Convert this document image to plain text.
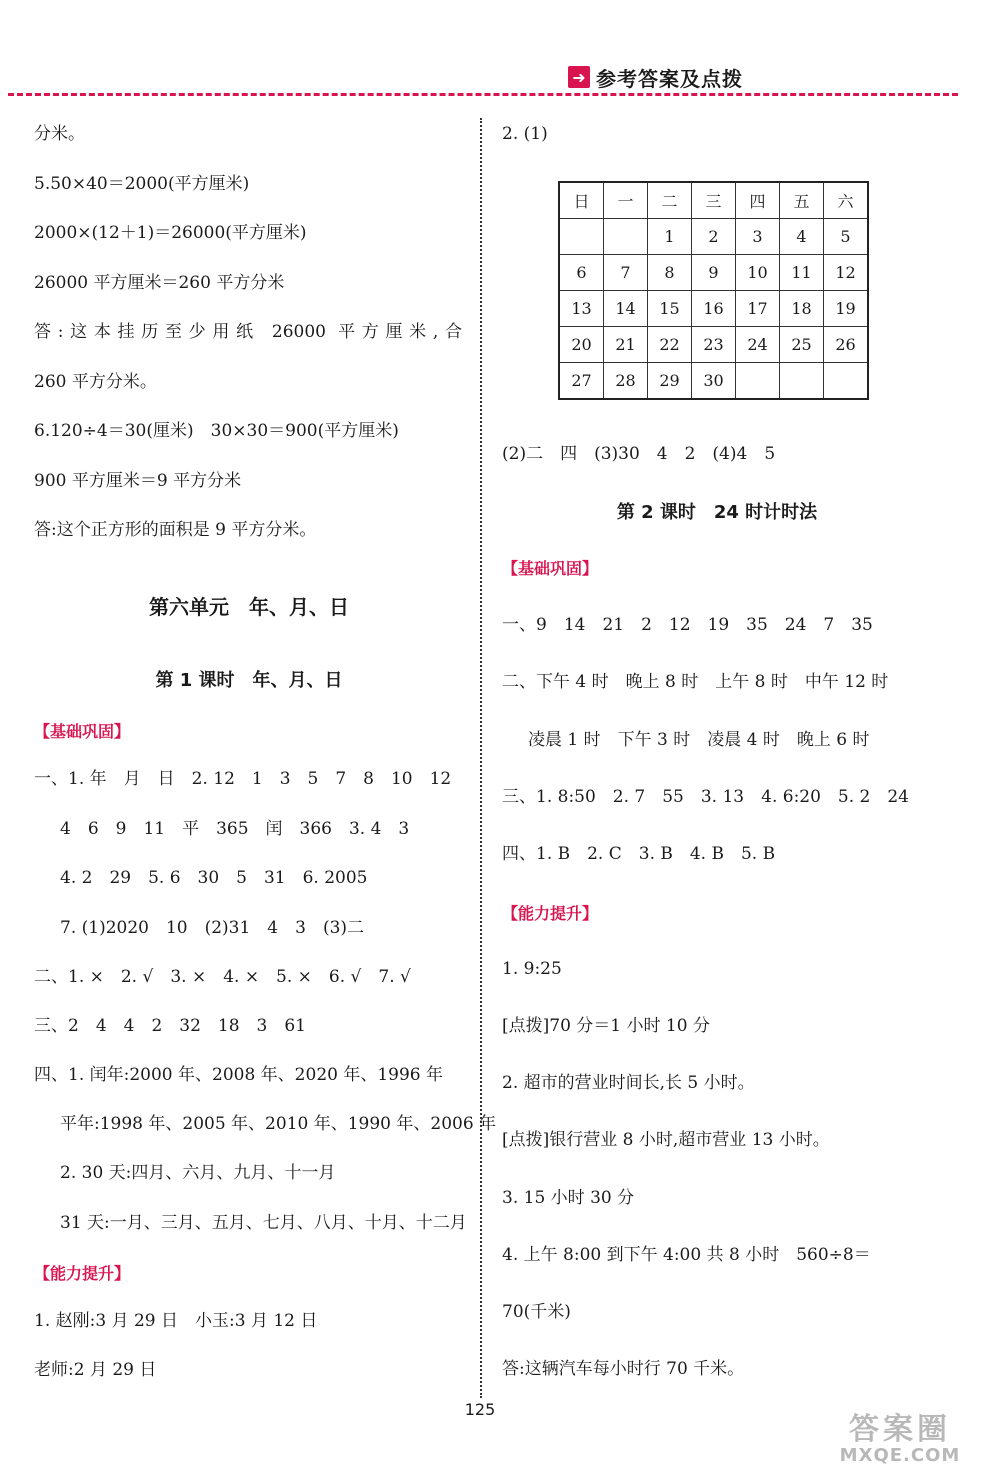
➜ 参考答案及点拨
分米。
5.50×40＝2000(平方厘米)
2000×(12＋1)＝26000(平方厘米)
26000 平方厘米＝260 平方分米
答:这本挂历至少用纸 26000 平方厘米,合
260 平方分米。
6.120÷4＝30(厘米)　30×30＝900(平方厘米)
900 平方厘米＝9 平方分米
答:这个正方形的面积是 9 平方分米。
第六单元　年、月、日
第 1 课时　年、月、日
【基础巩固】
一、1. 年　月　日　2. 12　1　3　5　7　8　10　12
4　6　9　11　平　365　闰　366　3. 4　3
4. 2　29　5. 6　30　5　31　6. 2005
7. (1)2020　10　(2)31　4　3　(3)二
二、1. ×　2. √　3. ×　4. ×　5. ×　6. √　7. √
三、2　4　4　2　32　18　3　61
四、1. 闰年:2000 年、2008 年、2020 年、1996 年
平年:1998 年、2005 年、2010 年、1990 年、2006 年
2. 30 天:四月、六月、九月、十一月
31 天:一月、三月、五月、七月、八月、十月、十二月
【能力提升】
1. 赵刚:3 月 29 日　小玉:3 月 12 日
老师:2 月 29 日
2. (1)
日	一	二	三	四	五	六
		1	2	3	4	5
6	7	8	9	10	11	12
13	14	15	16	17	18	19
20	21	22	23	24	25	26
27	28	29	30			
(2)二　四　(3)30　4　2　(4)4　5
第 2 课时　24 时计时法
【基础巩固】
一、9　14　21　2　12　19　35　24　7　35
二、下午 4 时　晚上 8 时　上午 8 时　中午 12 时
凌晨 1 时　下午 3 时　凌晨 4 时　晚上 6 时
三、1. 8:50　2. 7　55　3. 13　4. 6:20　5. 2　24
四、1. B　2. C　3. B　4. B　5. B
【能力提升】
1. 9:25
[点拨]70 分＝1 小时 10 分
2. 超市的营业时间长,长 5 小时。
[点拨]银行营业 8 小时,超市营业 13 小时。
3. 15 小时 30 分
4. 上午 8:00 到下午 4:00 共 8 小时　560÷8＝
70(千米)
答:这辆汽车每小时行 70 千米。
125
答案圈
MXQE.COM
